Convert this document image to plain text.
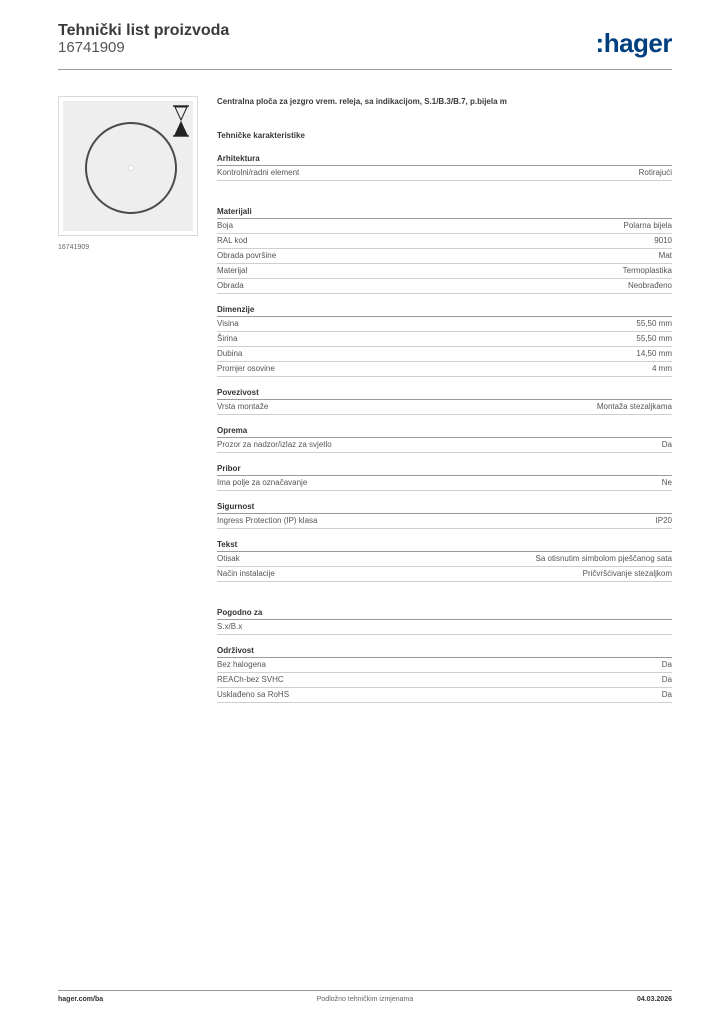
Tehnički list proizvoda
16741909	:hager
16741909
Centralna ploča za jezgro vrem. releja, sa indikacijom, S.1/B.3/B.7, p.bijela m
Tehničke karakteristike
Arhitektura
Kontrolni/radni element	Rotirajući
Materijali
Boja	Polarna bijela
RAL kod	9010
Obrada površine	Mat
Materijal	Termoplastika
Obrada	Neobrađeno
Dimenzije
Visina	55,50 mm
Širina	55,50 mm
Dubina	14,50 mm
Promjer osovine	4 mm
Povezivost
Vrsta montaže	Montaža stezaljkama
Oprema
Prozor za nadzor/izlaz za svjetlo	Da
Pribor
Ima polje za označavanje	Ne
Sigurnost
Ingress Protection (IP) klasa	IP20
Tekst
Otisak	Sa otisnutim simbolom pješčanog sata
Način instalacije	Pričvršćivanje stezaljkom
Pogodno za
S.x/B.x
Održivost
Bez halogena	Da
REACh-bez SVHC	Da
Usklađeno sa RoHS	Da
hager.com/ba	Podložno tehničkim izmjenama	04.03.2026
